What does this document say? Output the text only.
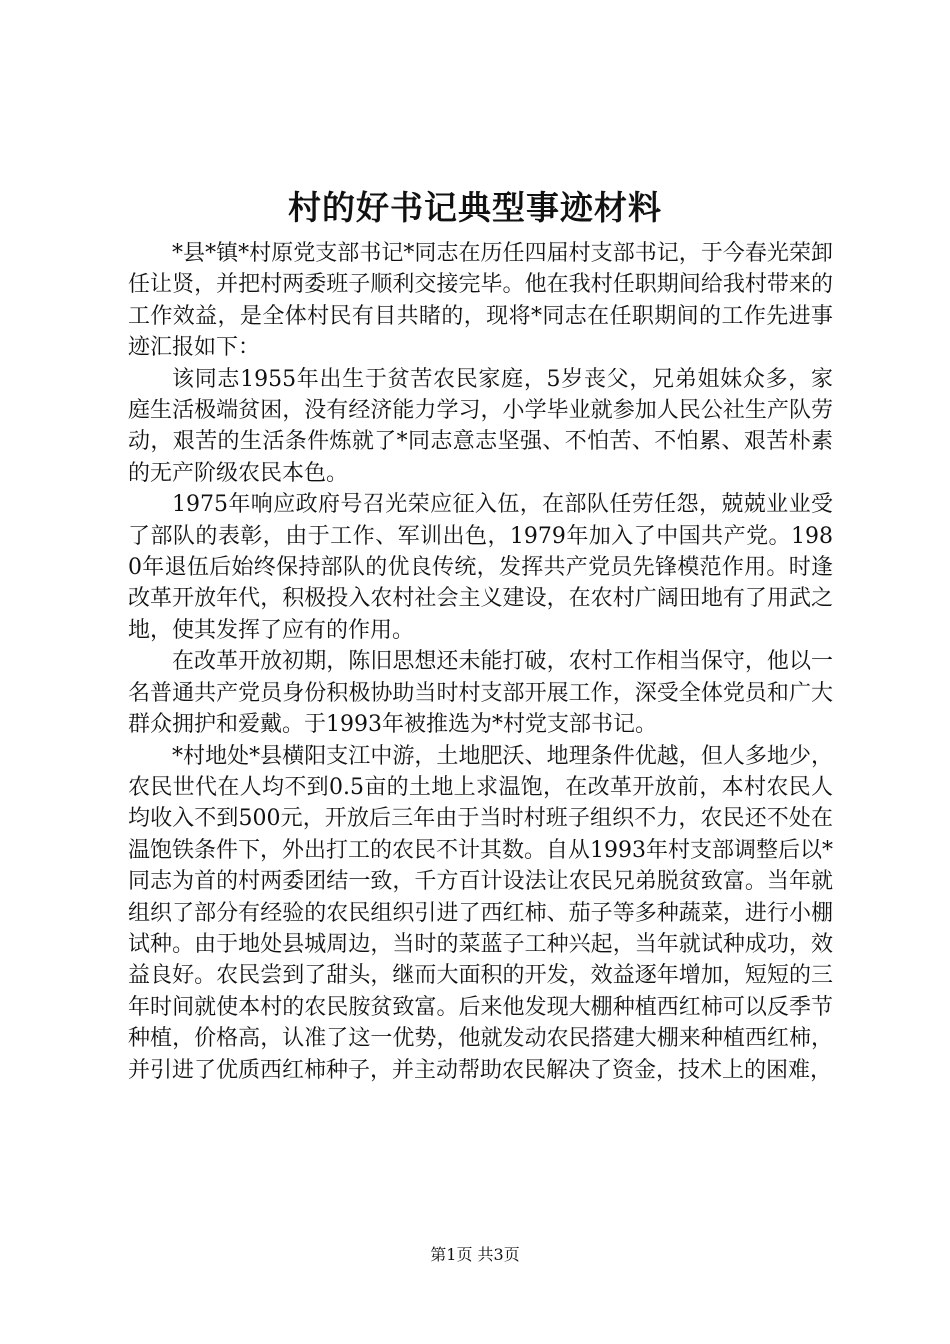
村的好书记典型事迹材料

*县*镇*村原党支部书记*同志在历任四届村支部书记，于今春光荣卸任让贤，并把村两委班子顺利交接完毕。他在我村任职期间给我村带来的工作效益，是全体村民有目共睹的，现将*同志在任职期间的工作先进事迹汇报如下：

该同志1955年出生于贫苦农民家庭，5岁丧父，兄弟姐妹众多，家庭生活极端贫困，没有经济能力学习，小学毕业就参加人民公社生产队劳动，艰苦的生活条件炼就了*同志意志坚强、不怕苦、不怕累、艰苦朴素的无产阶级农民本色。

1975年响应政府号召光荣应征入伍，在部队任劳任怨，兢兢业业受了部队的表彰，由于工作、军训出色，1979年加入了中国共产党。1980年退伍后始终保持部队的优良传统，发挥共产党员先锋模范作用。时逢改革开放年代，积极投入农村社会主义建设，在农村广阔田地有了用武之地，使其发挥了应有的作用。

在改革开放初期，陈旧思想还未能打破，农村工作相当保守，他以一名普通共产党员身份积极协助当时村支部开展工作，深受全体党员和广大群众拥护和爱戴。于1993年被推选为*村党支部书记。

*村地处*县横阳支江中游，土地肥沃、地理条件优越，但人多地少，农民世代在人均不到0.5亩的土地上求温饱，在改革开放前，本村农民人均收入不到500元，开放后三年由于当时村班子组织不力，农民还不处在温饱铁条件下，外出打工的农民不计其数。自从1993年村支部调整后以*同志为首的村两委团结一致，千方百计设法让农民兄弟脱贫致富。当年就组织了部分有经验的农民组织引进了西红柿、茄子等多种蔬菜，进行小棚试种。由于地处县城周边，当时的菜蓝子工种兴起，当年就试种成功，效益良好。农民尝到了甜头，继而大面积的开发，效益逐年增加，短短的三年时间就使本村的农民胺贫致富。后来他发现大棚种植西红柿可以反季节种植，价格高，认准了这一优势，他就发动农民搭建大棚来种植西红柿，并引进了优质西红柿种子，并主动帮助农民解决了资金，技术上的困难，

第1页 共3页
